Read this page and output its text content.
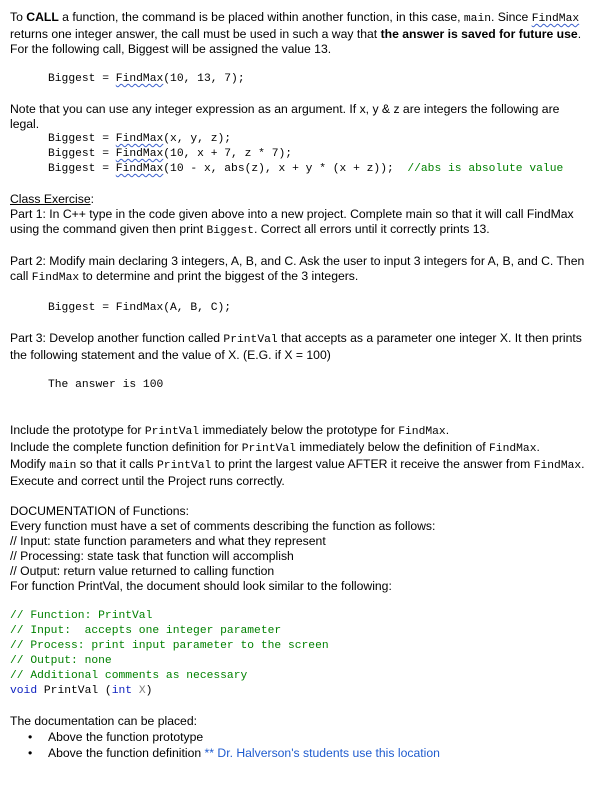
To CALL a function, the command is be placed within another function, in this case, main. Since FindMax returns one integer answer, the call must be used in such a way that the answer is saved for future use. For the following call, Biggest will be assigned the value 13.

Biggest = FindMax(10, 13, 7);

Note that you can use any integer expression as an argument. If x, y & z are integers the following are legal.

Biggest = FindMax(x, y, z);
Biggest = FindMax(10, x + 7, z * 7);
Biggest = FindMax(10 - x, abs(z), x + y * (x + z));  //abs is absolute value

Class Exercise:

Part 1: In C++ type in the code given above into a new project. Complete main so that it will call FindMax using the command given then print Biggest. Correct all errors until it correctly prints 13.

Part 2: Modify main declaring 3 integers, A, B, and C. Ask the user to input 3 integers for A, B, and C. Then call FindMax to determine and print the biggest of the 3 integers.

Biggest = FindMax(A, B, C);

Part 3: Develop another function called PrintVal that accepts as a parameter one integer X. It then prints the following statement and the value of X. (E.G. if X = 100)

The answer is 100

Include the prototype for PrintVal immediately below the prototype for FindMax.

Include the complete function definition for PrintVal immediately below the definition of FindMax.

Modify main so that it calls PrintVal to print the largest value AFTER it receive the answer from FindMax.

Execute and correct until the Project runs correctly.

DOCUMENTATION of Functions:

Every function must have a set of comments describing the function as follows:

// Input: state function parameters and what they represent

// Processing: state task that function will accomplish

// Output: return value returned to calling function

For function PrintVal, the document should look similar to the following:

// Function: PrintVal
// Input:  accepts one integer parameter
// Process: print input parameter to the screen
// Output: none
// Additional comments as necessary
void PrintVal (int X)

The documentation can be placed:

• Above the function prototype
• Above the function definition ** Dr. Halverson's students use this location
